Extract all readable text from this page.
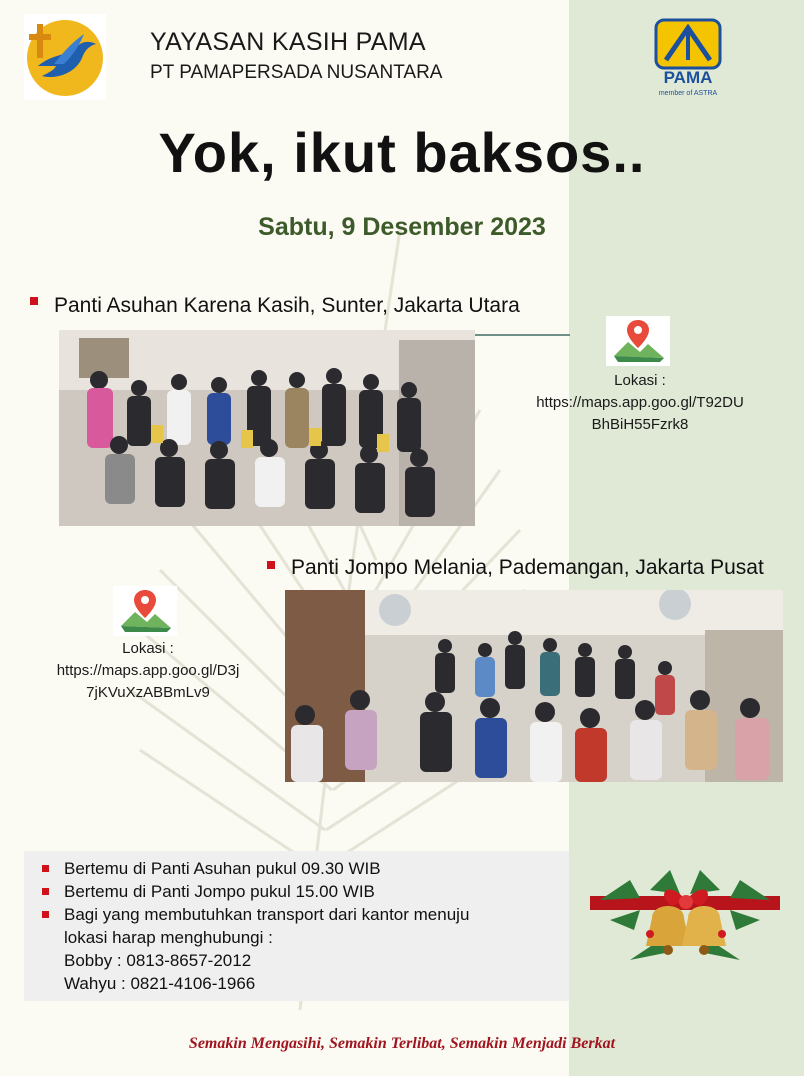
YAYASAN KASIH PAMA
PT PAMAPERSADA NUSANTARA	PAMA
member of ASTRA
Yok, ikut baksos..
Sabtu, 9 Desember 2023
Panti Asuhan Karena Kasih, Sunter, Jakarta Utara
Lokasi :
https://maps.app.goo.gl/T92DU
BhBiH55Fzrk8
Panti Jompo Melania, Pademangan, Jakarta Pusat
Lokasi :
https://maps.app.goo.gl/D3j
7jKVuXzABBmLv9
Bertemu di Panti Asuhan pukul 09.30 WIB
Bertemu di Panti Jompo pukul 15.00 WIB
Bagi yang membutuhkan transport dari kantor menuju
lokasi harap menghubungi :
Bobby : 0813-8657-2012
Wahyu : 0821-4106-1966
Semakin Mengasihi, Semakin Terlibat, Semakin Menjadi Berkat
